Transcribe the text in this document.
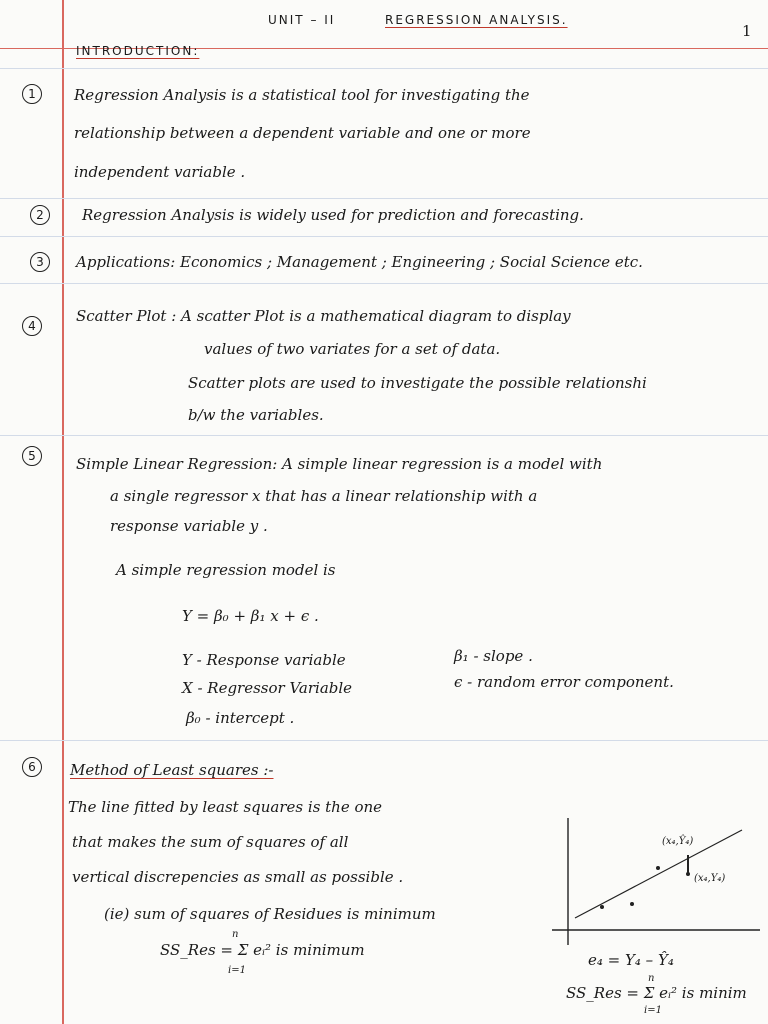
UNIT – II	REGRESSION ANALYSIS.
1
INTRODUCTION:
1	Regression Analysis is a statistical tool for investigating the
relationship between a dependent variable and one or more
independent variable .
2	Regression Analysis is widely used for prediction and forecasting.
3	Applications: Economics ; Management ; Engineering ; Social Science etc.
4
Scatter Plot : A scatter Plot is a mathematical diagram to display
values of two variates for a set of data.
Scatter plots are used to investigate the possible relationshi
b/w the variables.
5	Simple Linear Regression: A simple linear regression is a model with
a single regressor x that has a linear relationship with a
response variable y .
A simple regression model is
Y = β₀ + β₁ x + ϵ .
Y - Response variable	β₁ - slope .
X - Regressor Variable	ϵ - random error component.
β₀ - intercept .
6	Method of Least squares :-
The line fitted by least squares is the one
that makes the sum of squares of all
vertical discrepencies as small as possible .
(ie) sum of squares of Residues is minimum
SS_Res = Σ eᵢ² is minimum
n
i=1
(x₄,Ŷ₄)
(x₄,Y₄)
e₄ = Y₄ – Ŷ₄
SS_Res = Σ eᵢ² is minim
n
i=1
